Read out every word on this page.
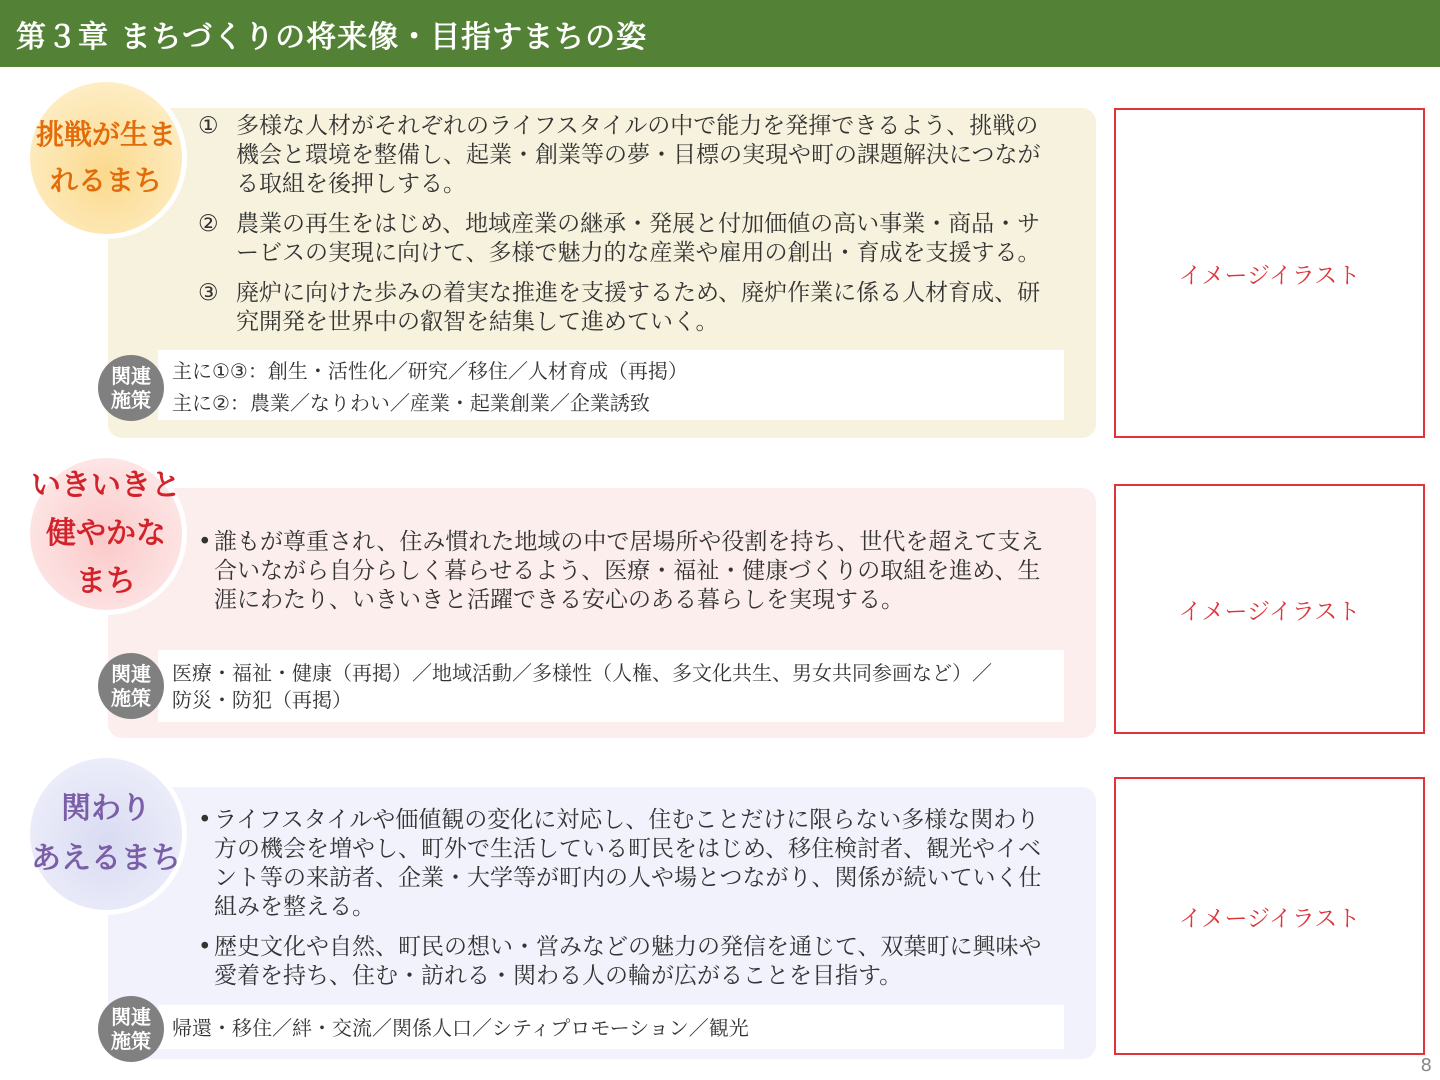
第３章 まちづくりの将来像・目指すまちの姿
挑戦が生ま
れるまち
① 多様な人材がそれぞれのライフスタイルの中で能力を発揮できるよう、挑戦の機会と環境を整備し、起業・創業等の夢・目標の実現や町の課題解決につながる取組を後押しする。
② 農業の再生をはじめ、地域産業の継承・発展と付加価値の高い事業・商品・サービスの実現に向けて、多様で魅力的な産業や雇用の創出・育成を支援する。
③ 廃炉に向けた歩みの着実な推進を支援するため、廃炉作業に係る人材育成、研究開発を世界中の叡智を結集して進めていく。
主に①③：創生・活性化／研究／移住／人材育成（再掲）
主に②：農業／なりわい／産業・起業創業／企業誘致
関連
施策
イメージイラスト
いきいきと
健やかな
まち
• 誰もが尊重され、住み慣れた地域の中で居場所や役割を持ち、世代を超えて支え合いながら自分らしく暮らせるよう、医療・福祉・健康づくりの取組を進め、生涯にわたり、いきいきと活躍できる安心のある暮らしを実現する。
医療・福祉・健康（再掲）／地域活動／多様性（人権、多文化共生、男女共同参画など）／
防災・防犯（再掲）
関連
施策
イメージイラスト
関わり
あえるまち
• ライフスタイルや価値観の変化に対応し、住むことだけに限らない多様な関わり方の機会を増やし、町外で生活している町民をはじめ、移住検討者、観光やイベント等の来訪者、企業・大学等が町内の人や場とつながり、関係が続いていく仕組みを整える。
• 歴史文化や自然、町民の想い・営みなどの魅力の発信を通じて、双葉町に興味や愛着を持ち、住む・訪れる・関わる人の輪が広がることを目指す。
帰還・移住／絆・交流／関係人口／シティプロモーション／観光
関連
施策
イメージイラスト
8
